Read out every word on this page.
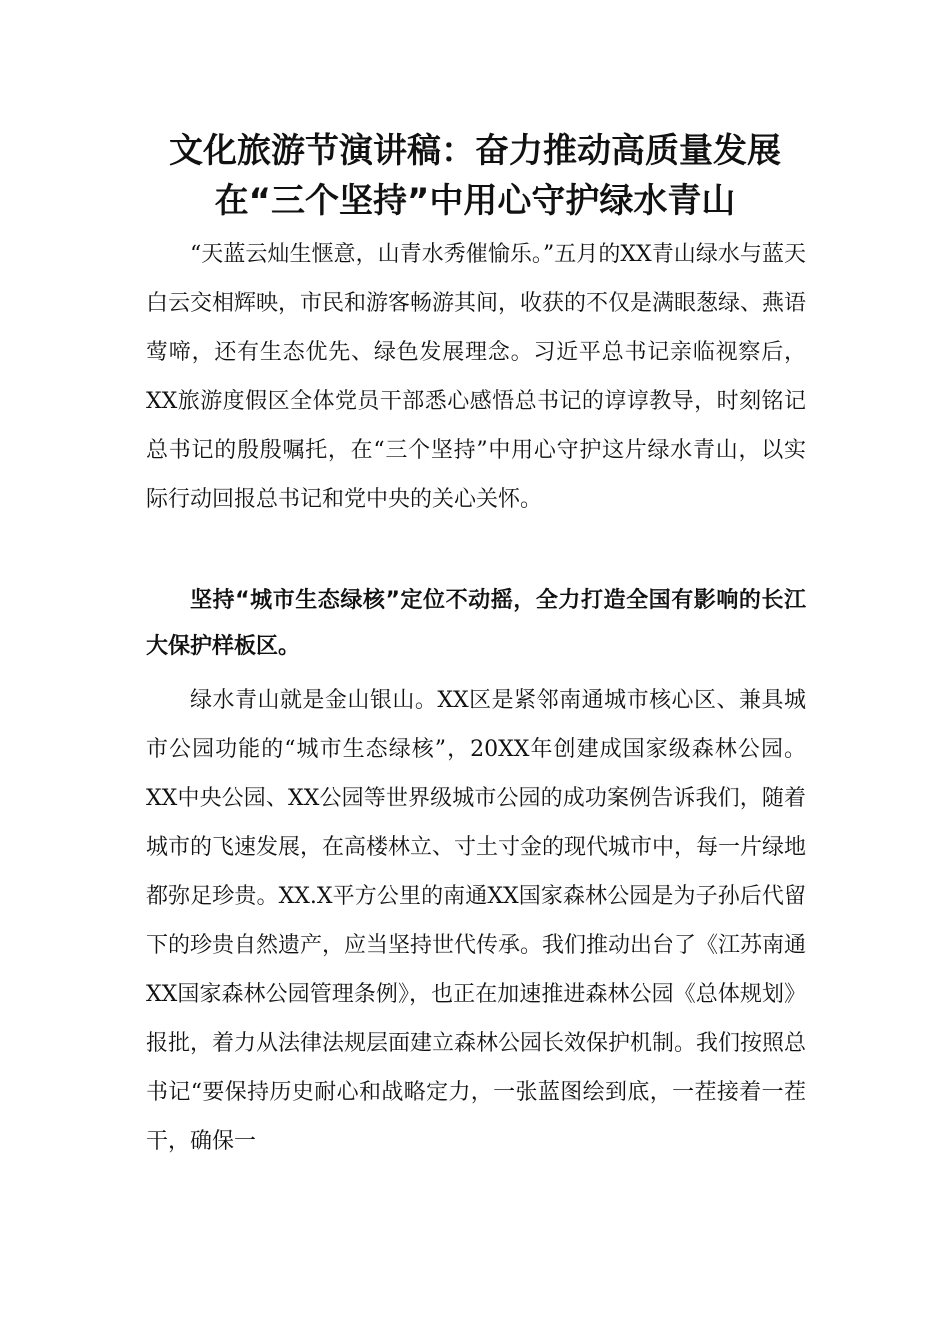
文化旅游节演讲稿：奋力推动高质量发展
在“三个坚持”中用心守护绿水青山

“天蓝云灿生惬意，山青水秀催愉乐。”五月的XX青山绿水与蓝天白云交相辉映，市民和游客畅游其间，收获的不仅是满眼葱绿、燕语莺啼，还有生态优先、绿色发展理念。习近平总书记亲临视察后，XX旅游度假区全体党员干部悉心感悟总书记的谆谆教导，时刻铭记总书记的殷殷嘱托，在“三个坚持”中用心守护这片绿水青山，以实际行动回报总书记和党中央的关心关怀。

坚持“城市生态绿核”定位不动摇，全力打造全国有影响的长江大保护样板区。

绿水青山就是金山银山。XX区是紧邻南通城市核心区、兼具城市公园功能的“城市生态绿核”，20XX年创建成国家级森林公园。XX中央公园、XX公园等世界级城市公园的成功案例告诉我们，随着城市的飞速发展，在高楼林立、寸土寸金的现代城市中，每一片绿地都弥足珍贵。XX.X平方公里的南通XX国家森林公园是为子孙后代留下的珍贵自然遗产，应当坚持世代传承。我们推动出台了《江苏南通XX国家森林公园管理条例》，也正在加速推进森林公园《总体规划》报批，着力从法律法规层面建立森林公园长效保护机制。我们按照总书记“要保持历史耐心和战略定力，一张蓝图绘到底，一茬接着一茬干，确保一
